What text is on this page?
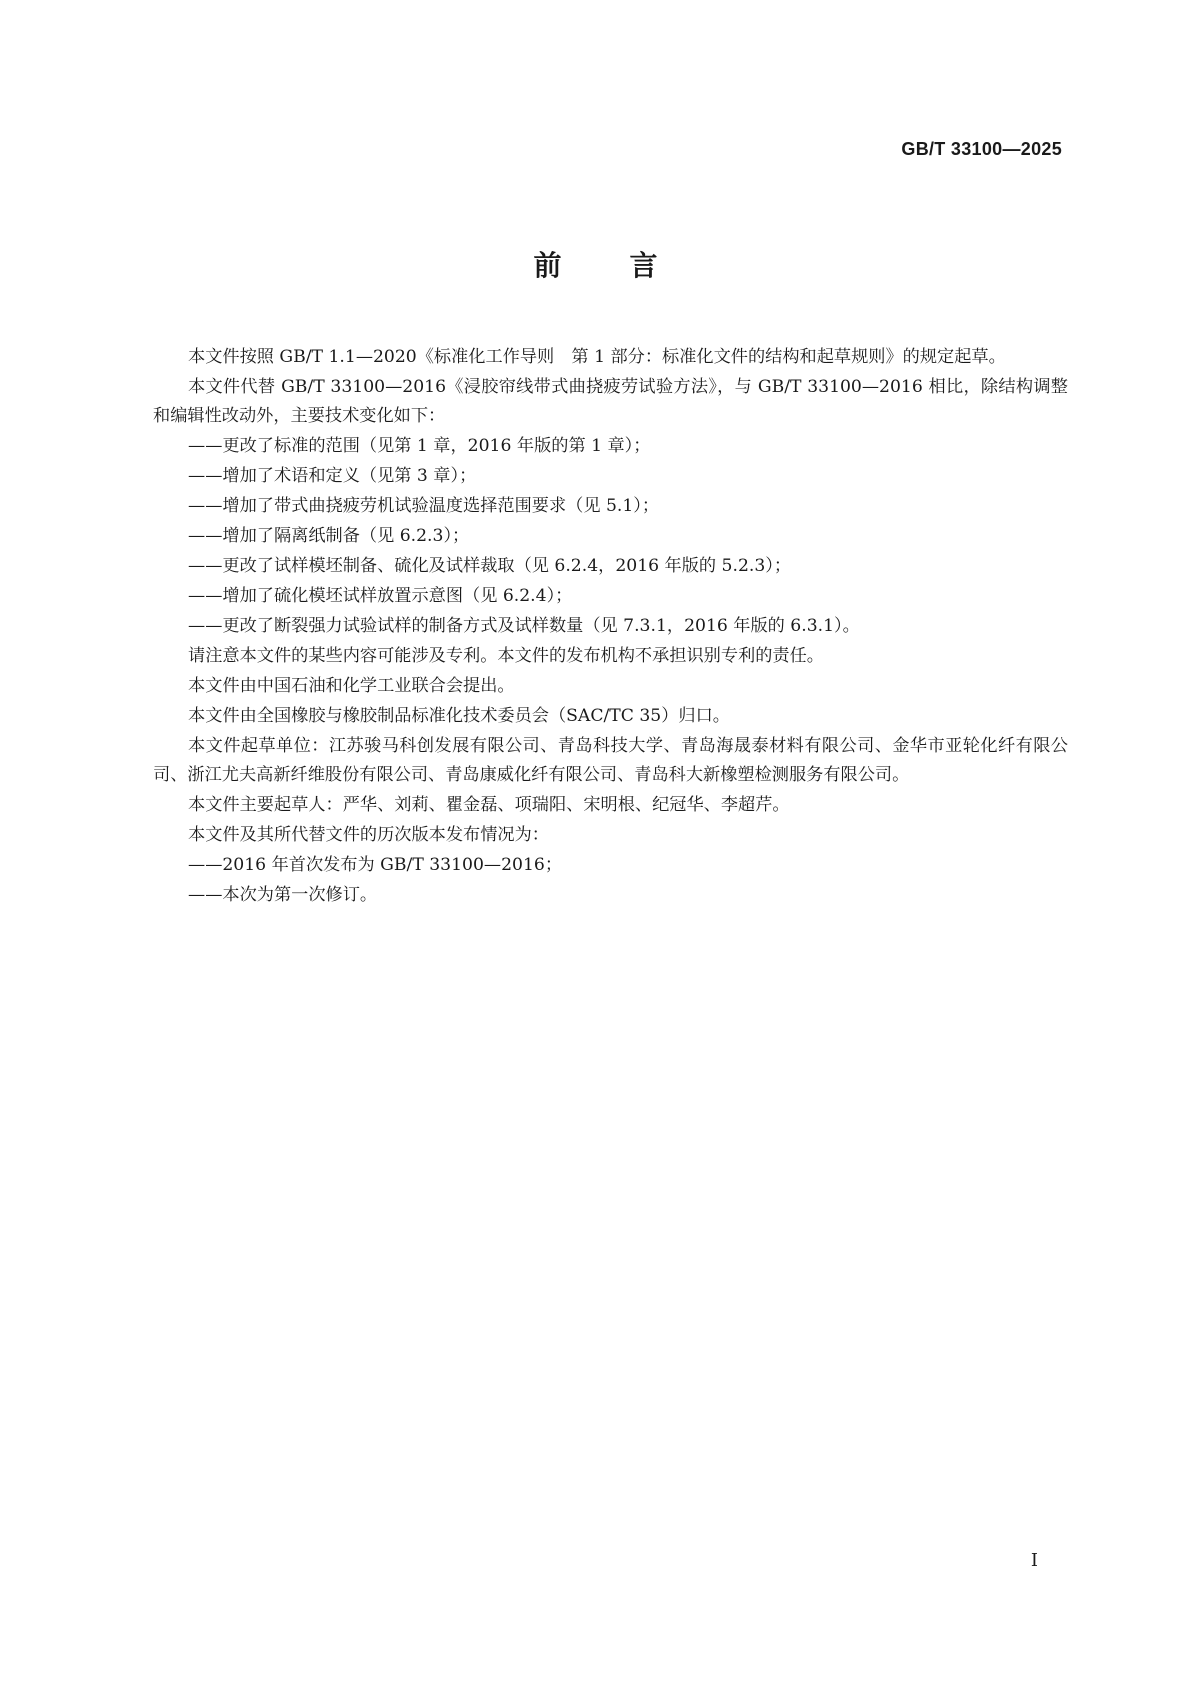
GB/T 33100—2025
前言

本文件按照 GB/T 1.1—2020《标准化工作导则　第 1 部分：标准化文件的结构和起草规则》的规定起草。

本文件代替 GB/T 33100—2016《浸胶帘线带式曲挠疲劳试验方法》，与 GB/T 33100—2016 相比，除结构调整和编辑性改动外，主要技术变化如下：

——更改了标准的范围（见第 1 章，2016 年版的第 1 章）；

——增加了术语和定义（见第 3 章）；

——增加了带式曲挠疲劳机试验温度选择范围要求（见 5.1）；

——增加了隔离纸制备（见 6.2.3）；

——更改了试样模坯制备、硫化及试样裁取（见 6.2.4，2016 年版的 5.2.3）；

——增加了硫化模坯试样放置示意图（见 6.2.4）；

——更改了断裂强力试验试样的制备方式及试样数量（见 7.3.1，2016 年版的 6.3.1）。

请注意本文件的某些内容可能涉及专利。本文件的发布机构不承担识别专利的责任。

本文件由中国石油和化学工业联合会提出。

本文件由全国橡胶与橡胶制品标准化技术委员会（SAC/TC 35）归口。

本文件起草单位：江苏骏马科创发展有限公司、青岛科技大学、青岛海晟泰材料有限公司、金华市亚轮化纤有限公司、浙江尤夫高新纤维股份有限公司、青岛康威化纤有限公司、青岛科大新橡塑检测服务有限公司。

本文件主要起草人：严华、刘莉、瞿金磊、项瑞阳、宋明根、纪冠华、李超芹。

本文件及其所代替文件的历次版本发布情况为：

——2016 年首次发布为 GB/T 33100—2016；

——本次为第一次修订。

I
